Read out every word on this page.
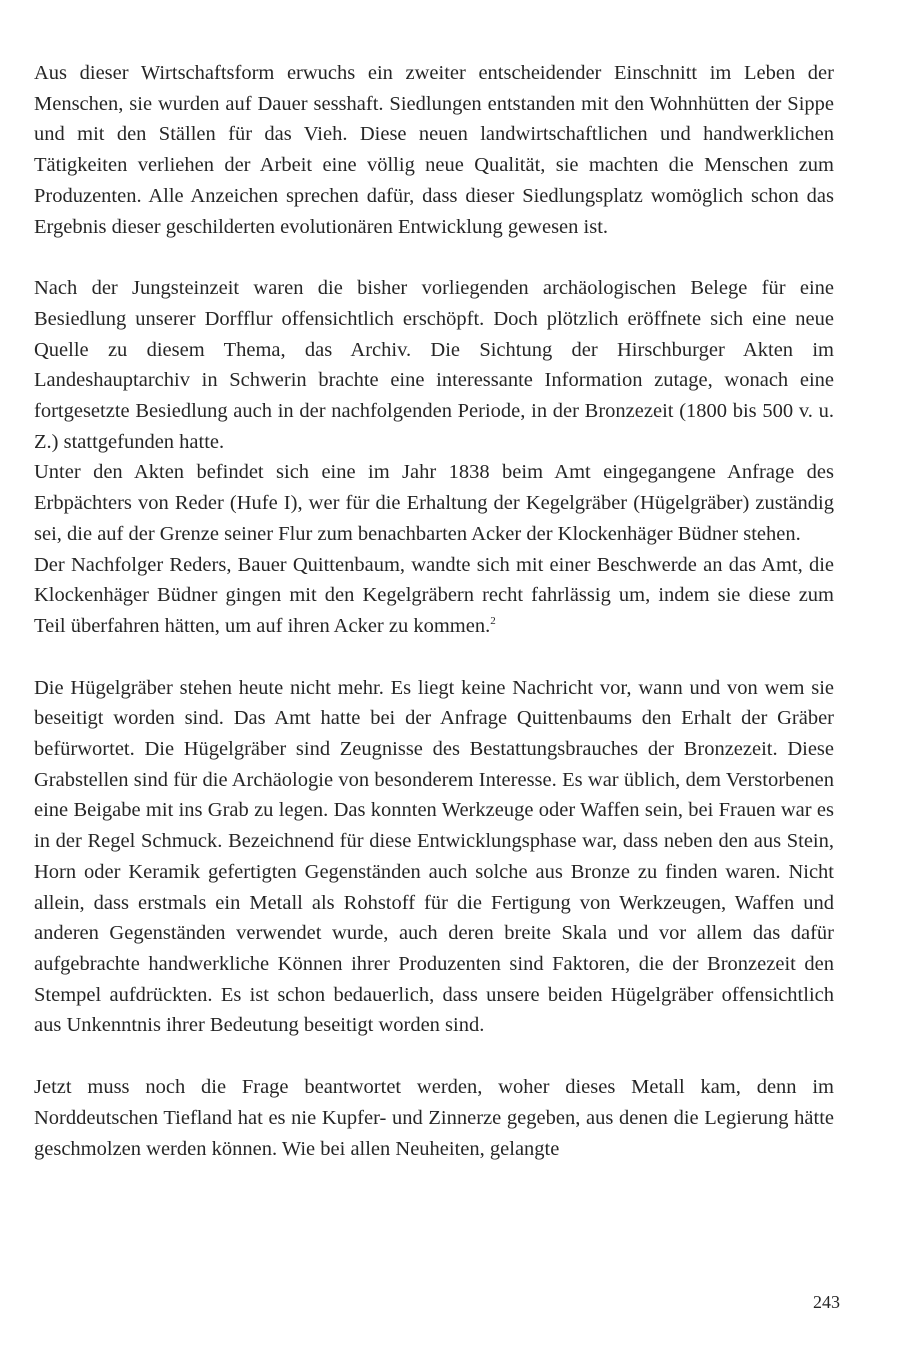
Aus dieser Wirtschaftsform erwuchs ein zweiter entscheidender Einschnitt im Leben der Menschen, sie wurden auf Dauer sesshaft. Siedlungen entstanden mit den Wohnhütten der Sippe und mit den Ställen für das Vieh. Diese neuen landwirtschaftlichen und handwerklichen Tätigkeiten verliehen der Arbeit eine völlig neue Qualität, sie machten die Menschen zum Produzenten. Alle Anzeichen sprechen dafür, dass dieser Siedlungsplatz womöglich schon das Ergebnis dieser geschilderten evolutionären Entwicklung gewesen ist.

Nach der Jungsteinzeit waren die bisher vorliegenden archäologischen Belege für eine Besiedlung unserer Dorfflur offensichtlich erschöpft. Doch plötzlich eröffnete sich eine neue Quelle zu diesem Thema, das Archiv. Die Sichtung der Hirschburger Akten im Landeshauptarchiv in Schwerin brachte eine interessante Information zutage, wonach eine fortgesetzte Besiedlung auch in der nachfolgenden Periode, in der Bronzezeit (1800 bis 500 v. u. Z.) stattgefunden hatte.

Unter den Akten befindet sich eine im Jahr 1838 beim Amt eingegangene Anfrage des Erbpächters von Reder (Hufe I), wer für die Erhaltung der Kegelgräber (Hügelgräber) zuständig sei, die auf der Grenze seiner Flur zum benachbarten Acker der Klockenhäger Büdner stehen.

Der Nachfolger Reders, Bauer Quittenbaum, wandte sich mit einer Beschwerde an das Amt, die Klockenhäger Büdner gingen mit den Kegelgräbern recht fahrlässig um, indem sie diese zum Teil überfahren hätten, um auf ihren Acker zu kommen.$^2$

Die Hügelgräber stehen heute nicht mehr. Es liegt keine Nachricht vor, wann und von wem sie beseitigt worden sind. Das Amt hatte bei der Anfrage Quittenbaums den Erhalt der Gräber befürwortet. Die Hügelgräber sind Zeugnisse des Bestattungsbrauches der Bronzezeit. Diese Grabstellen sind für die Archäologie von besonderem Interesse. Es war üblich, dem Verstorbenen eine Beigabe mit ins Grab zu legen. Das konnten Werkzeuge oder Waffen sein, bei Frauen war es in der Regel Schmuck. Bezeichnend für diese Entwicklungsphase war, dass neben den aus Stein, Horn oder Keramik gefertigten Gegenständen auch solche aus Bronze zu finden waren. Nicht allein, dass erstmals ein Metall als Rohstoff für die Fertigung von Werkzeugen, Waffen und anderen Gegenständen verwendet wurde, auch deren breite Skala und vor allem das dafür aufgebrachte handwerkliche Können ihrer Produzenten sind Faktoren, die der Bronzezeit den Stempel aufdrückten. Es ist schon bedauerlich, dass unsere beiden Hügelgräber offensichtlich aus Unkenntnis ihrer Bedeutung beseitigt worden sind.

Jetzt muss noch die Frage beantwortet werden, woher dieses Metall kam, denn im Norddeutschen Tiefland hat es nie Kupfer- und Zinnerze gegeben, aus denen die Legierung hätte geschmolzen werden können. Wie bei allen Neuheiten, gelangte

243
